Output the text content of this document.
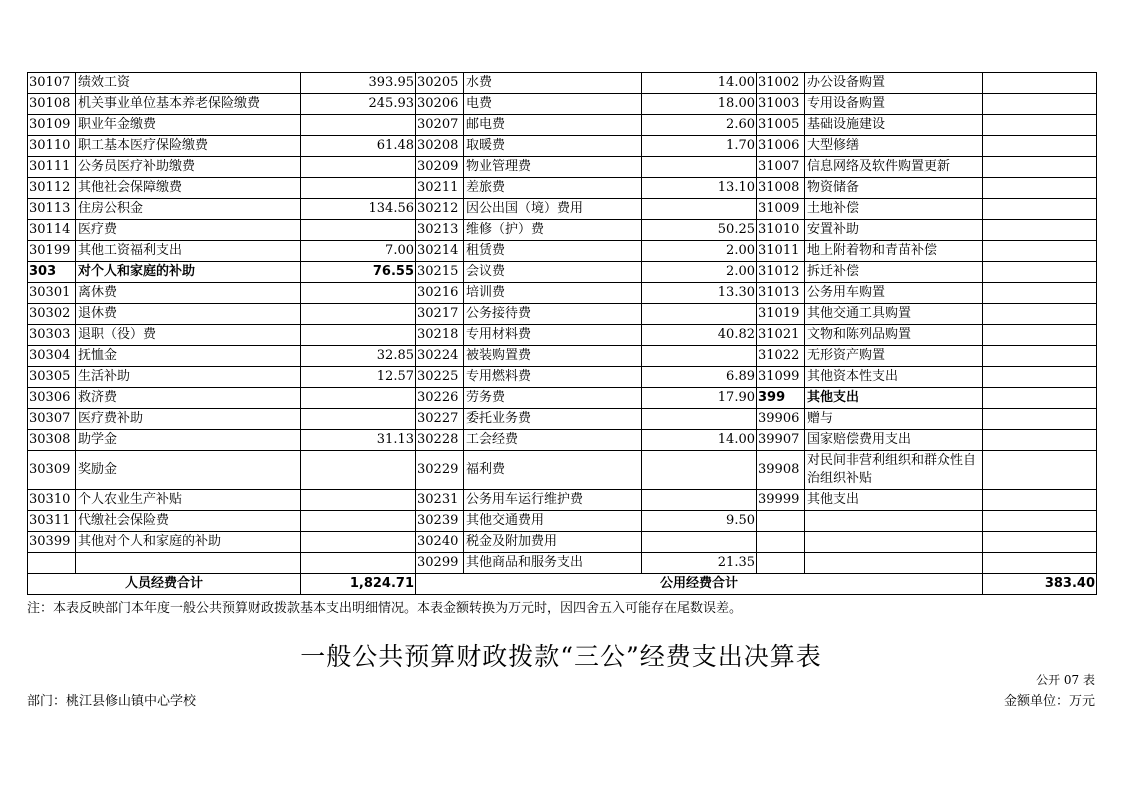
30107	绩效工资	393.95	30205	水费	14.00	31002	办公设备购置	
30108	机关事业单位基本养老保险缴费	245.93	30206	电费	18.00	31003	专用设备购置	
30109	职业年金缴费		30207	邮电费	2.60	31005	基础设施建设	
30110	职工基本医疗保险缴费	61.48	30208	取暖费	1.70	31006	大型修缮	
30111	公务员医疗补助缴费		30209	物业管理费		31007	信息网络及软件购置更新	
30112	其他社会保障缴费		30211	差旅费	13.10	31008	物资储备	
30113	住房公积金	134.56	30212	因公出国（境）费用		31009	土地补偿	
30114	医疗费		30213	维修（护）费	50.25	31010	安置补助	
30199	其他工资福利支出	7.00	30214	租赁费	2.00	31011	地上附着物和青苗补偿	
303	对个人和家庭的补助	76.55	30215	会议费	2.00	31012	拆迁补偿	
30301	离休费		30216	培训费	13.30	31013	公务用车购置	
30302	退休费		30217	公务接待费		31019	其他交通工具购置	
30303	退职（役）费		30218	专用材料费	40.82	31021	文物和陈列品购置	
30304	抚恤金	32.85	30224	被装购置费		31022	无形资产购置	
30305	生活补助	12.57	30225	专用燃料费	6.89	31099	其他资本性支出	
30306	救济费		30226	劳务费	17.90	399	其他支出	
30307	医疗费补助		30227	委托业务费		39906	赠与	
30308	助学金	31.13	30228	工会经费	14.00	39907	国家赔偿费用支出	
30309	奖励金		30229	福利费		39908	对民间非营利组织和群众性自治组织补贴	
30310	个人农业生产补贴		30231	公务用车运行维护费		39999	其他支出	
30311	代缴社会保险费		30239	其他交通费用	9.50			
30399	其他对个人和家庭的补助		30240	税金及附加费用				
			30299	其他商品和服务支出	21.35			
人员经费合计		1,824.71	公用经费合计					383.40
注：本表反映部门本年度一般公共预算财政拨款基本支出明细情况。本表金额转换为万元时，因四舍五入可能存在尾数误差。
一般公共预算财政拨款“三公”经费支出决算表
公开 07 表
部门：桃江县修山镇中心学校	金额单位：万元
